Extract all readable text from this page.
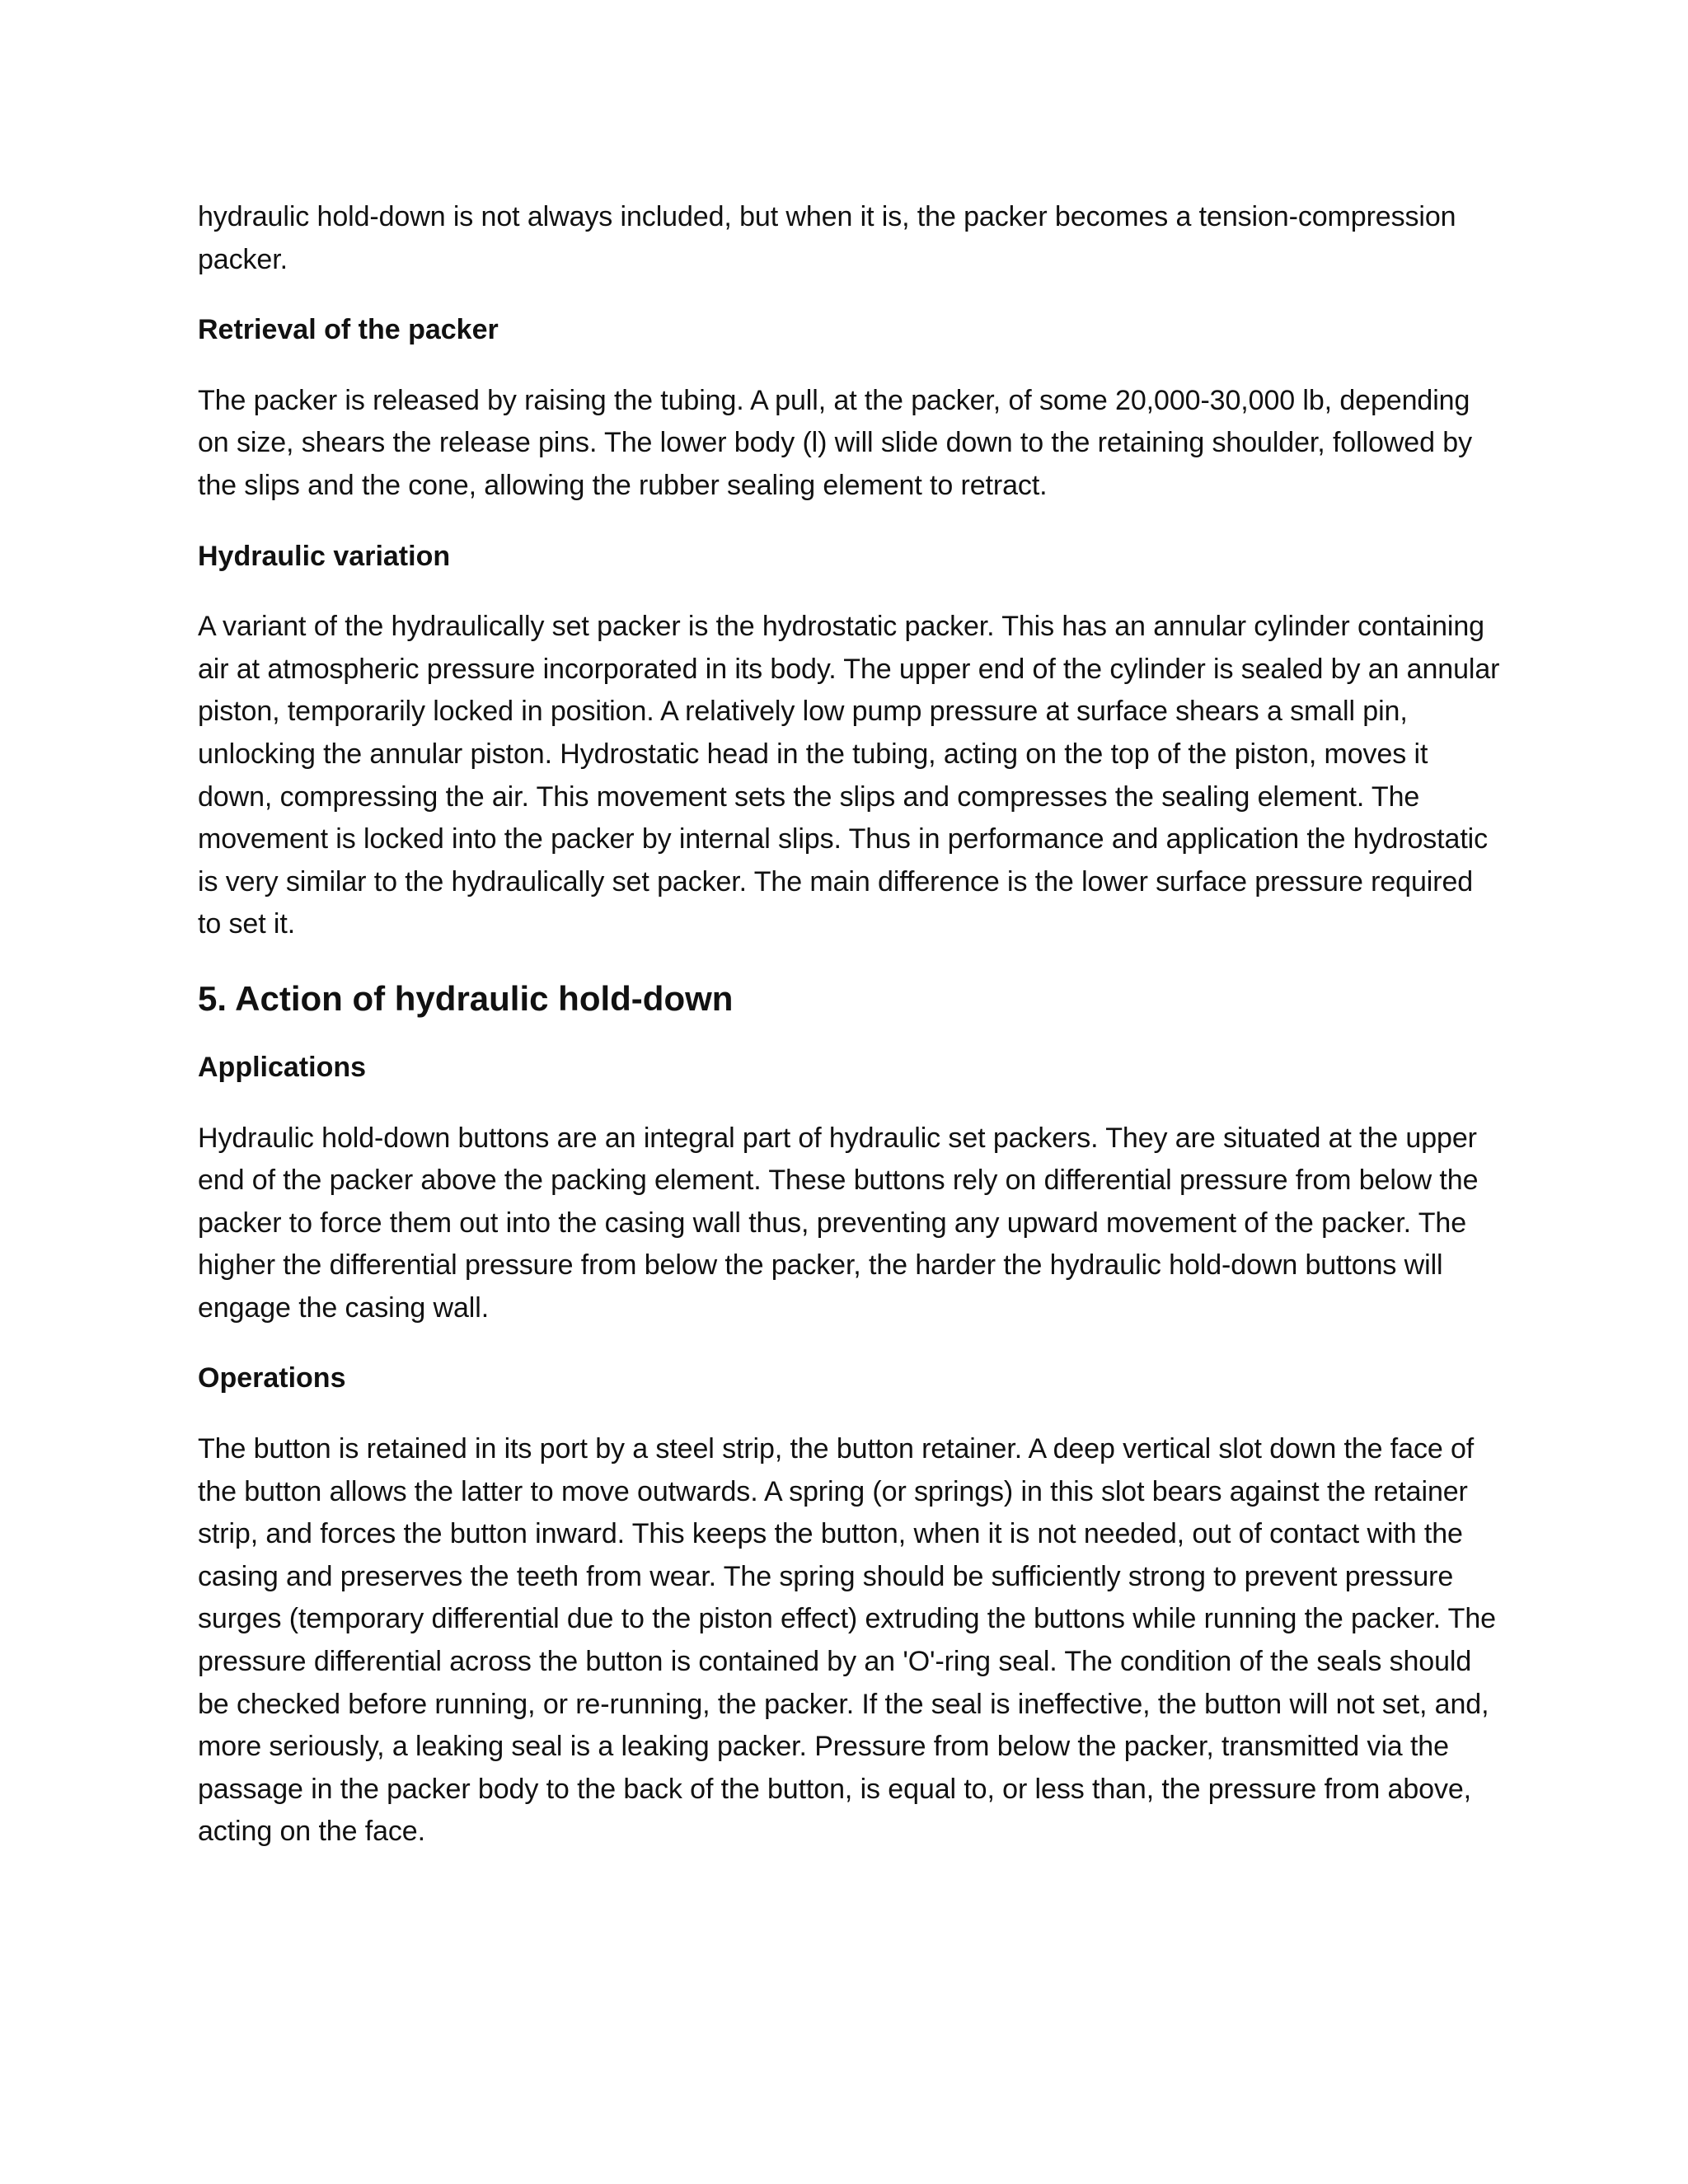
hydraulic hold-down is not always included, but when it is, the packer becomes a tension-compression packer.

Retrieval of the packer

The packer is released by raising the tubing. A pull, at the packer, of some 20,000-30,000 lb, depending on size, shears the release pins. The lower body (l) will slide down to the retaining shoulder, followed by the slips and the cone, allowing the rubber sealing element to retract.

Hydraulic variation

A variant of the hydraulically set packer is the hydrostatic packer. This has an annular cylinder containing air at atmospheric pressure incorporated in its body. The upper end of the cylinder is sealed by an annular piston, temporarily locked in position. A relatively low pump pressure at surface shears a small pin, unlocking the annular piston. Hydrostatic head in the tubing, acting on the top of the piston, moves it down, compressing the air. This movement sets the slips and compresses the sealing element. The movement is locked into the packer by internal slips. Thus in performance and application the hydrostatic is very similar to the hydraulically set packer. The main difference is the lower surface pressure required to set it.

5. Action of hydraulic hold-down

Applications

Hydraulic hold-down buttons are an integral part of hydraulic set packers. They are situated at the upper end of the packer above the packing element. These buttons rely on differential pressure from below the packer to force them out into the casing wall thus, preventing any upward movement of the packer. The higher the differential pressure from below the packer, the harder the hydraulic hold-down buttons will engage the casing wall.

Operations

The button is retained in its port by a steel strip, the button retainer. A deep vertical slot down the face of the button allows the latter to move outwards. A spring (or springs) in this slot bears against the retainer strip, and forces the button inward. This keeps the button, when it is not needed, out of contact with the casing and preserves the teeth from wear. The spring should be sufficiently strong to prevent pressure surges (temporary differential due to the piston effect) extruding the buttons while running the packer. The pressure differential across the button is contained by an 'O'-ring seal. The condition of the seals should be checked before running, or re-running, the packer. If the seal is ineffective, the button will not set, and, more seriously, a leaking seal is a leaking packer. Pressure from below the packer, transmitted via the passage in the packer body to the back of the button, is equal to, or less than, the pressure from above, acting on the face.
